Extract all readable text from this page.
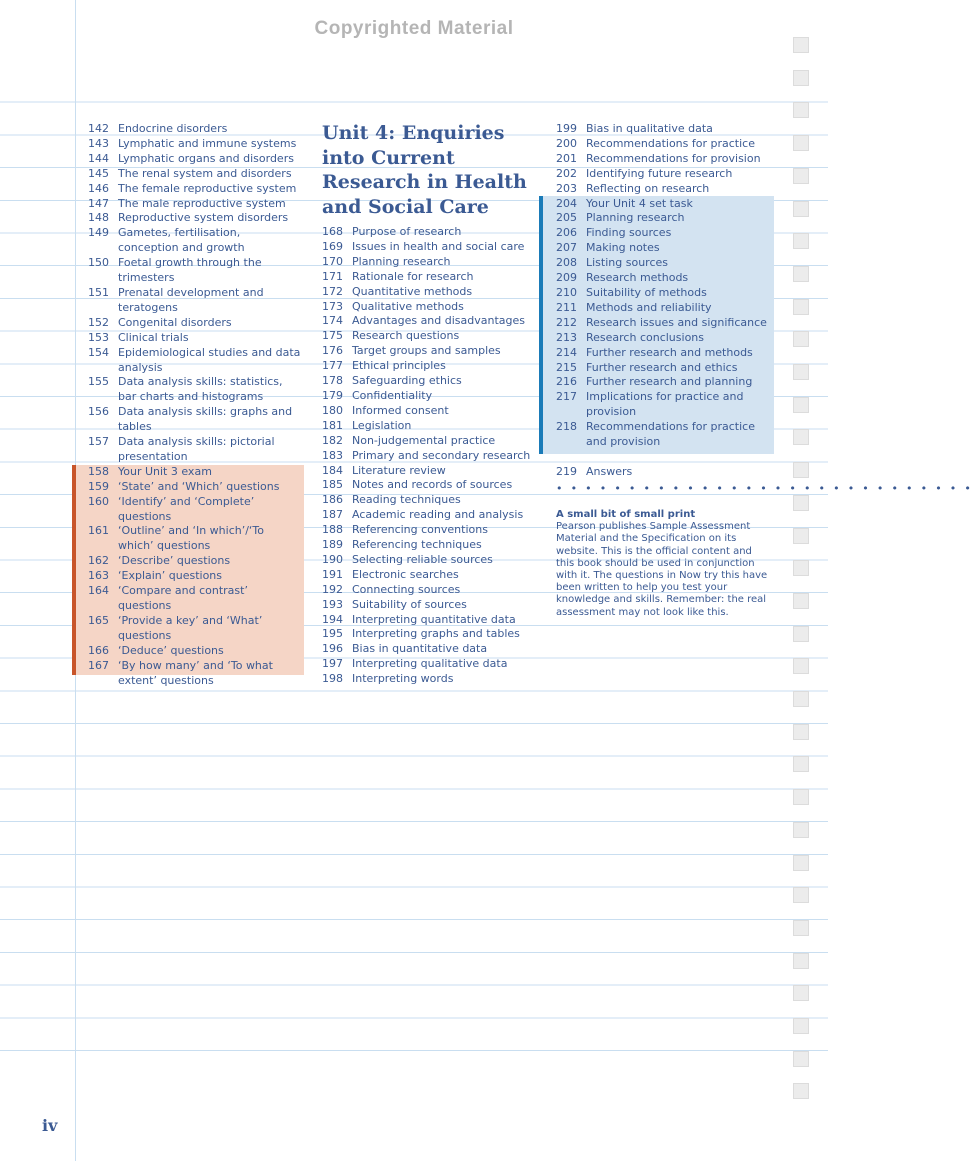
Copyrighted Material
142 Endocrine disorders
143 Lymphatic and immune systems
144 Lymphatic organs and disorders
145 The renal system and disorders
146 The female reproductive system
147 The male reproductive system
148 Reproductive system disorders
149 Gametes, fertilisation, conception and growth
150 Foetal growth through the trimesters
151 Prenatal development and teratogens
152 Congenital disorders
153 Clinical trials
154 Epidemiological studies and data analysis
155 Data analysis skills: statistics, bar charts and histograms
156 Data analysis skills: graphs and tables
157 Data analysis skills: pictorial presentation
158 Your Unit 3 exam
159 ‘State’ and ‘Which’ questions
160 ‘Identify’ and ‘Complete’ questions
161 ‘Outline’ and ‘In which’/‘To which’ questions
162 ‘Describe’ questions
163 ‘Explain’ questions
164 ‘Compare and contrast’ questions
165 ‘Provide a key’ and ‘What’ questions
166 ‘Deduce’ questions
167 ‘By how many’ and ‘To what extent’ questions
Unit 4: Enquiries into Current Research in Health and Social Care
168 Purpose of research
169 Issues in health and social care
170 Planning research
171 Rationale for research
172 Quantitative methods
173 Qualitative methods
174 Advantages and disadvantages
175 Research questions
176 Target groups and samples
177 Ethical principles
178 Safeguarding ethics
179 Confidentiality
180 Informed consent
181 Legislation
182 Non-judgemental practice
183 Primary and secondary research
184 Literature review
185 Notes and records of sources
186 Reading techniques
187 Academic reading and analysis
188 Referencing conventions
189 Referencing techniques
190 Selecting reliable sources
191 Electronic searches
192 Connecting sources
193 Suitability of sources
194 Interpreting quantitative data
195 Interpreting graphs and tables
196 Bias in quantitative data
197 Interpreting qualitative data
198 Interpreting words
199 Bias in qualitative data
200 Recommendations for practice
201 Recommendations for provision
202 Identifying future research
203 Reflecting on research
204 Your Unit 4 set task
205 Planning research
206 Finding sources
207 Making notes
208 Listing sources
209 Research methods
210 Suitability of methods
211 Methods and reliability
212 Research issues and significance
213 Research conclusions
214 Further research and methods
215 Further research and ethics
216 Further research and planning
217 Implications for practice and provision
218 Recommendations for practice and provision
219 Answers
• • • • • • • • • • • • • • • • • • • • • • • • • • • • •
A small bit of small print
Pearson publishes Sample Assessment Material and the Specification on its website. This is the official content and this book should be used in conjunction with it. The questions in Now try this have been written to help you test your knowledge and skills. Remember: the real assessment may not look like this.
iv
